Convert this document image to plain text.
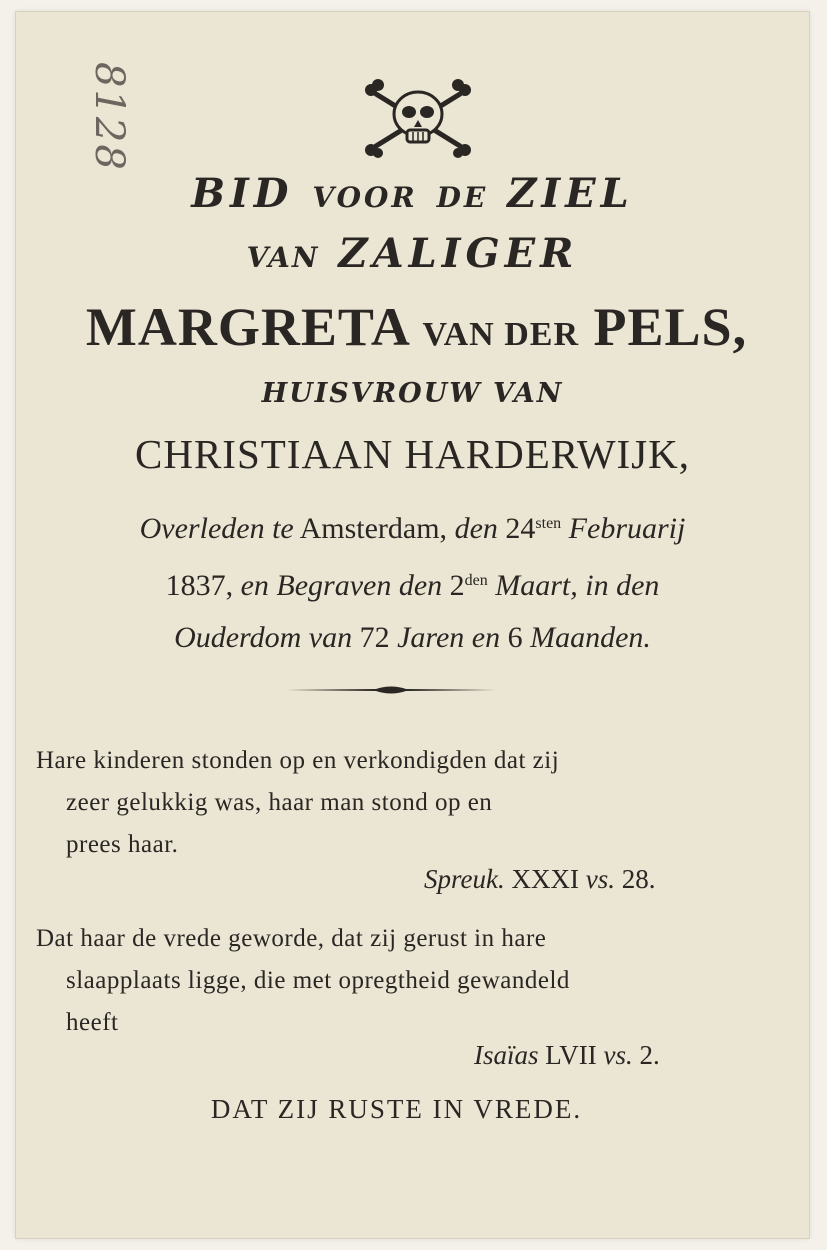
8128
BID VOOR DE ZIEL
VAN ZALIGER
MARGRETA VAN DER PELS,
HUISVROUW VAN
CHRISTIAAN HARDERWIJK,
Overleden te Amsterdam, den $24^{sten}$ Februarij
1837, en Begraven den $2^{den}$ Maart, in den
Ouderdom van 72 Jaren en 6 Maanden.
Hare kinderen stonden op en verkondigden dat zij
zeer gelukkig was, haar man stond op en
prees haar.
Spreuk. XXXI vs. 28.
Dat haar de vrede geworde, dat zij gerust in hare
slaapplaats ligge, die met opregtheid gewandeld
heeft
Isaïas LVII vs. 2.
DAT ZIJ RUSTE IN VREDE.
